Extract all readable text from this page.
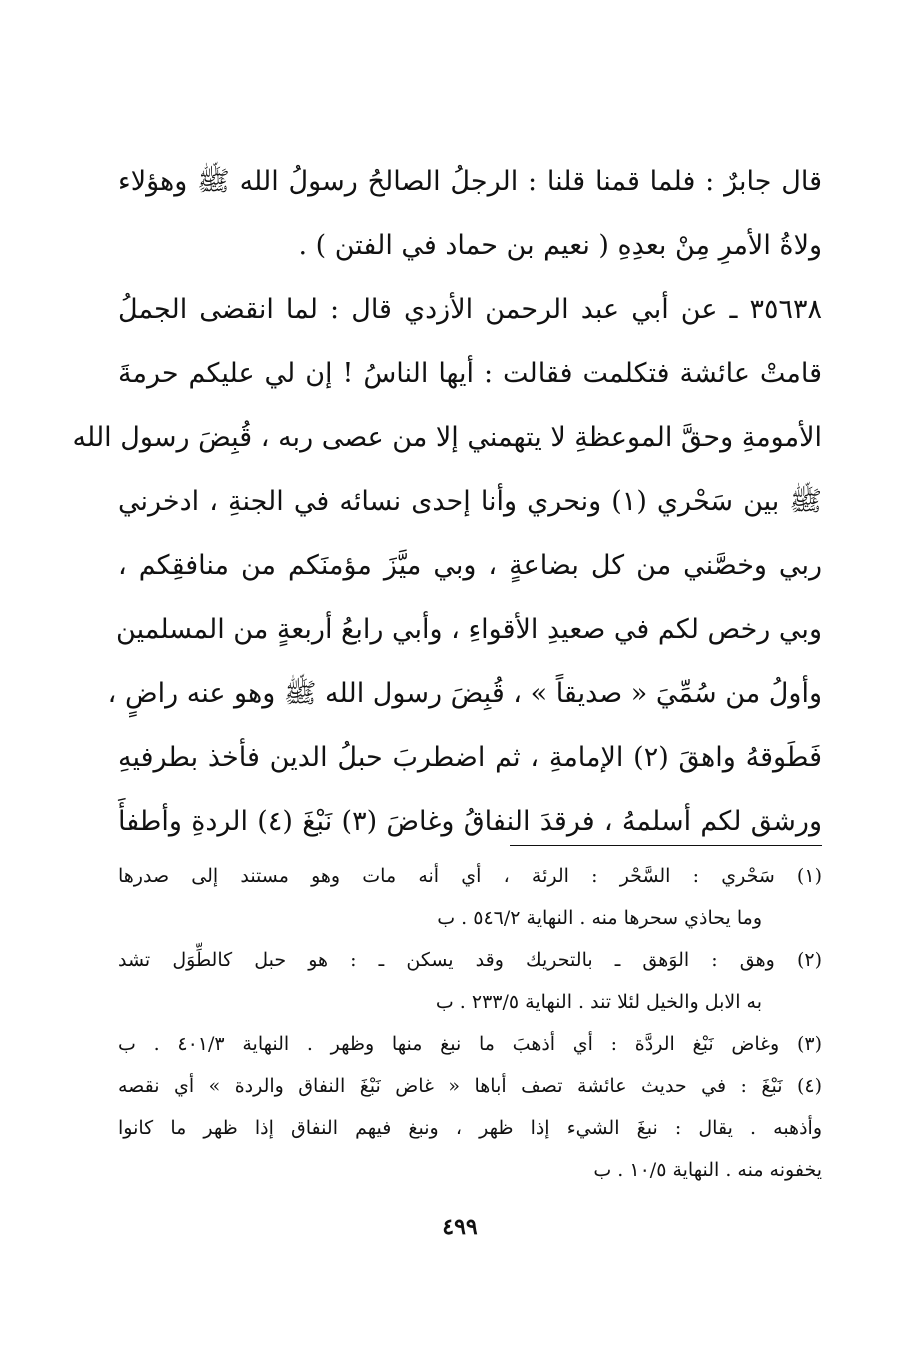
قال جابرٌ : فلما قمنا قلنا : الرجلُ الصالحُ رسولُ الله ﷺ وهؤلاء
ولاةُ الأمرِ مِنْ بعدِهِ ( نعيم بن حماد في الفتن ) .
٣٥٦٣٨ ـ عن أبي عبد الرحمن الأزدي قال : لما انقضى الجملُ
قامتْ عائشة فتكلمت فقالت : أيها الناسُ ! إن لي عليكم حرمةَ
الأمومةِ وحقَّ الموعظةِ لا يتهمني إلا من عصى ربه ، قُبِضَ رسول الله
ﷺ بين سَحْري (١) ونحري وأنا إحدى نسائه في الجنةِ ، ادخرني
ربي وخصَّني من كل بضاعةٍ ، وبي ميَّزَ مؤمنَكم من منافقِكم ،
وبي رخص لكم في صعيدِ الأقواءِ ، وأبي رابعُ أربعةٍ من المسلمين
وأولُ من سُمِّيَ « صديقاً » ، قُبِضَ رسول الله ﷺ وهو عنه راضٍ ،
فَطَوقهُ واهقَ (٢) الإمامةِ ، ثم اضطربَ حبلُ الدين فأخذ بطرفيهِ
ورشق لكم أسلمهُ ، فرقدَ النفاقُ وغاضَ (٣) نَبْغَ (٤) الردةِ وأطفأَ
(١) سَحْري : السَّحْر : الرئة ، أي أنه مات وهو مستند إلى صدرها
وما يحاذي سحرها منه . النهاية ٥٤٦/٢ . ب
(٢) وهق : الوَهق ـ بالتحريك وقد يسكن ـ : هو حبل كالطِّوَل تشد
به الابل والخيل لئلا تند . النهاية ٢٣٣/٥ . ب
(٣) وغاض نَبْغ الردَّة : أي أذهبَ ما نبغ منها وظهر . النهاية ٤٠١/٣ . ب
(٤) نَبْغَ : في حديث عائشة تصف أباها « غاض نَبْغَ النفاق والردة » أي نقصه
وأذهبه . يقال : نبغَ الشيء إذا ظهر ، ونبغ فيهم النفاق إذا ظهر ما كانوا
يخفونه منه . النهاية ١٠/٥ . ب
٤٩٩
